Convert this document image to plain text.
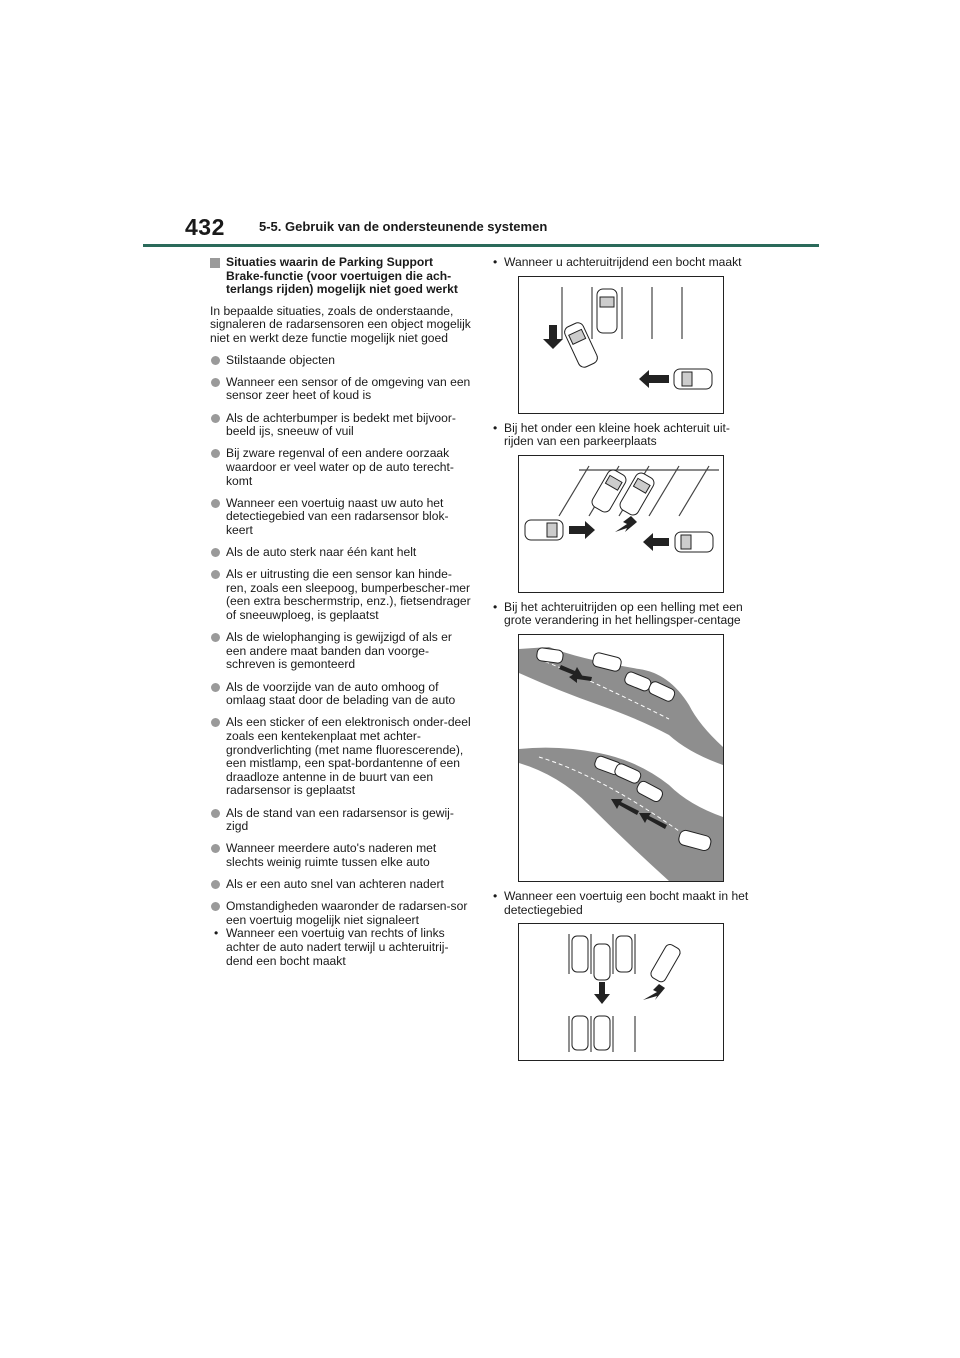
432	5-5. Gebruik van de ondersteunende systemen
Situaties waarin de Parking Support Brake-functie (voor voertuigen die ach-terlangs rijden) mogelijk niet goed werkt
In bepaalde situaties, zoals de onderstaande, signaleren de radarsensoren een object mogelijk niet en werkt deze functie mogelijk niet goed
Stilstaande objecten
Wanneer een sensor of de omgeving van een sensor zeer heet of koud is
Als de achterbumper is bedekt met bijvoor-beeld ijs, sneeuw of vuil
Bij zware regenval of een andere oorzaak waardoor er veel water op de auto terecht-komt
Wanneer een voertuig naast uw auto het detectiegebied van een radarsensor blok-keert
Als de auto sterk naar één kant helt
Als er uitrusting die een sensor kan hinde-ren, zoals een sleepoog, bumperbescher-mer (een extra beschermstrip, enz.), fietsendrager of sneeuwploeg, is geplaatst
Als de wielophanging is gewijzigd of als er een andere maat banden dan voorge-schreven is gemonteerd
Als de voorzijde van de auto omhoog of omlaag staat door de belading van de auto
Als een sticker of een elektronisch onder-deel zoals een kentekenplaat met achter-grondverlichting (met name fluorescerende), een mistlamp, een spat-bordantenne of een draadloze antenne in de buurt van een radarsensor is geplaatst
Als de stand van een radarsensor is gewij-zigd
Wanneer meerdere auto's naderen met slechts weinig ruimte tussen elke auto
Als er een auto snel van achteren nadert
Omstandigheden waaronder de radarsen-sor een voertuig mogelijk niet signaleert
• Wanneer een voertuig van rechts of links achter de auto nadert terwijl u achteruitrij-dend een bocht maakt
• Wanneer u achteruitrijdend een bocht maakt
• Bij het onder een kleine hoek achteruit uit-rijden van een parkeerplaats
• Bij het achteruitrijden op een helling met een grote verandering in het hellingsper-centage
• Wanneer een voertuig een bocht maakt in het detectiegebied
